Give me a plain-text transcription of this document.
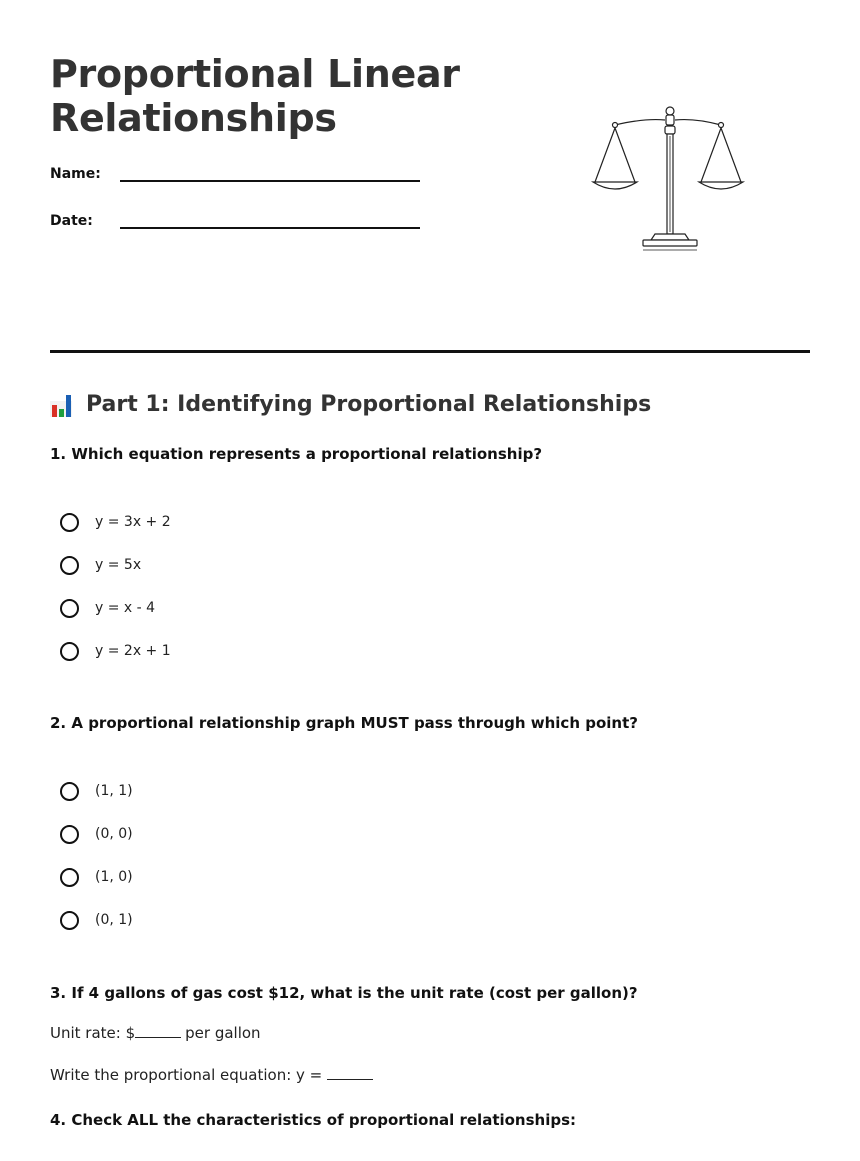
Proportional Linear Relationships
Name:
Date:
Part 1: Identifying Proportional Relationships

1. Which equation represents a proportional relationship?

y = 3x + 2
y = 5x
y = x - 4
y = 2x + 1

2. A proportional relationship graph MUST pass through which point?

(1, 1)
(0, 0)
(1, 0)
(0, 1)

3. If 4 gallons of gas cost $12, what is the unit rate (cost per gallon)?

Unit rate: $	per gallon
Write the proportional equation: y =

4. Check ALL the characteristics of proportional relationships:
